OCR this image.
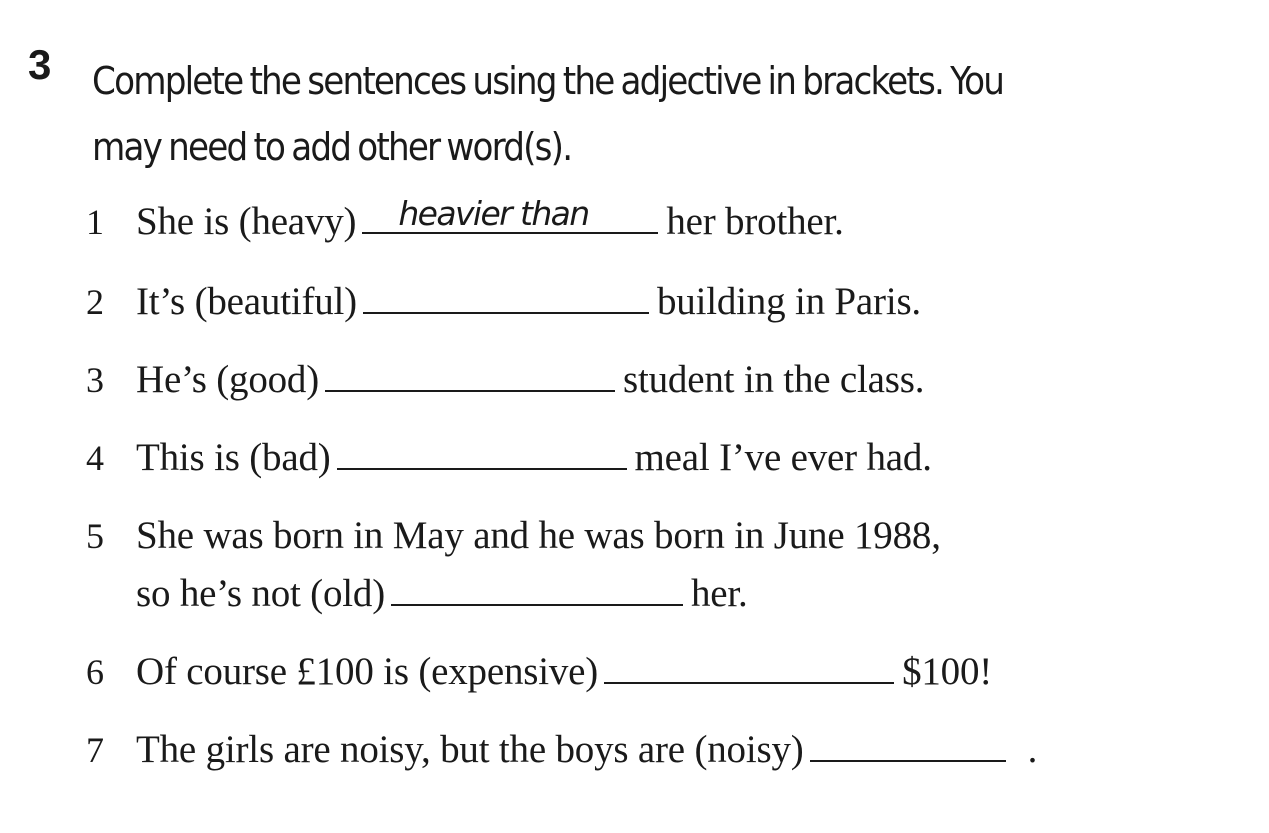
3 Complete the sentences using the adjective in brackets. You
may need to add other word(s).
1 She is (heavy) heavier than her brother.
2 It’s (beautiful)	building in Paris.
3 He’s (good)	student in the class.
4 This is (bad)	meal I’ve ever had.
5 She was born in May and he was born in June 1988,
so he’s not (old)	her.
6 Of course £100 is (expensive)	$100!
7 The girls are noisy, but the boys are (noisy)	.
